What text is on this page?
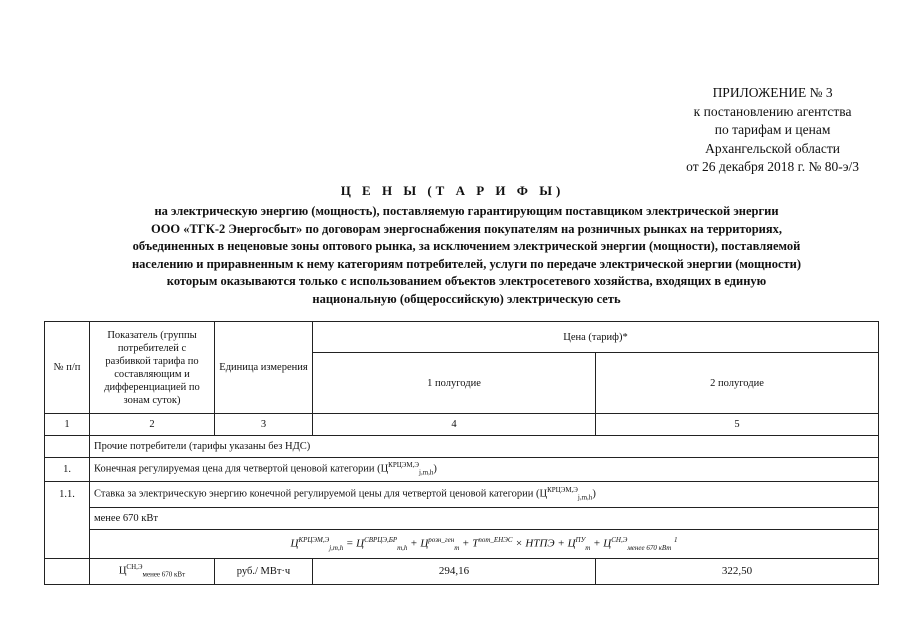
ПРИЛОЖЕНИЕ № 3
к постановлению агентства
по тарифам и ценам
Архангельской области
от 26 декабря 2018 г. № 80-э/3
Ц Е Н Ы (Т А Р И Ф Ы)
на электрическую энергию (мощность), поставляемую гарантирующим поставщиком электрической энергии
ООО «ТГК-2 Энергосбыт» по договорам энергоснабжения покупателям на розничных рынках на территориях,
объединенных в неценовые зоны оптового рынка, за исключением электрической энергии (мощности), поставляемой
населению и приравненным к нему категориям потребителей, услуги по передаче электрической энергии (мощности)
которым оказываются только с использованием объектов электросетевого хозяйства, входящих в единую
национальную (общероссийскую) электрическую сеть
№ п/п	Показатель (группы потребителей с разбивкой тарифа по составляющим и дифференциацией по зонам суток)	Единица измерения	Цена (тариф)*	
			1 полугодие	2 полугодие
1	2	3	4	5
	Прочие потребители (тарифы указаны без НДС)			
1.	Конечная регулируемая цена для четвертой ценовой категории $(Ц^{КРЦЭМ,Э}_{j,m,h})$			
1.1.	Ставка за электрическую энергию конечной регулируемой цены для четвертой ценовой категории $(Ц^{КРЦЭМ,Э}_{j,m,h})$			
	менее 670 кВт			
	$Ц^{КРЦЭМ,Э}_{j,m,h} = Ц^{СВРЦЭ,БР}_{m,h} + Ц^{розн\_ген}_m + Т^{пот\_ЕНЭС}$ × НТПЭ + $Ц^{ПУ}_m + Ц^{СН,Э}_{менее 670 кВт}$ $^1$
	$Ц^{СН,Э}_{менее 670 кВт}$	руб./ МВт·ч	294,16	322,50
